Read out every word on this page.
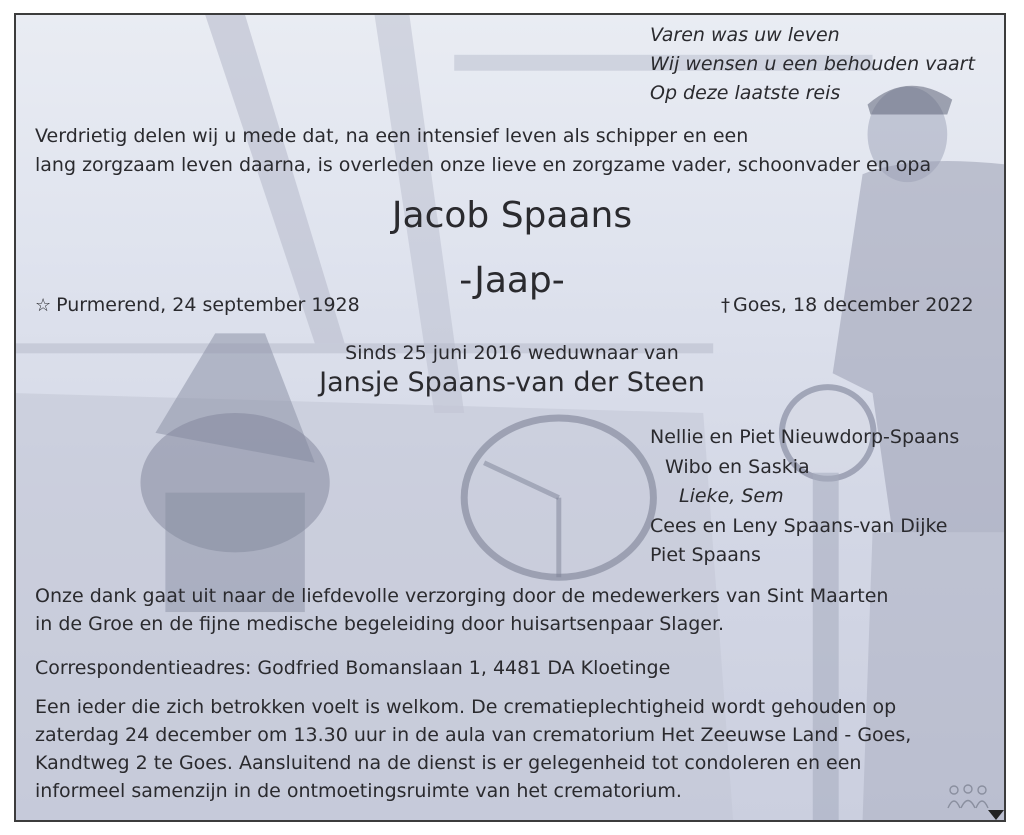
Varen was uw leven
Wij wensen u een behouden vaart
Op deze laatste reis
Verdrietig delen wij u mede dat, na een intensief leven als schipper en een
lang zorgzaam leven daarna, is overleden onze lieve en zorgzame vader, schoonvader en opa
Jacob Spaans
-Jaap-
☆ Purmerend, 24 september 1928	† Goes, 18 december 2022
Sinds 25 juni 2016 weduwnaar van
Jansje Spaans-van der Steen
Nellie en Piet Nieuwdorp-Spaans
Wibo en Saskia
Lieke, Sem
Cees en Leny Spaans-van Dijke
Piet Spaans
Onze dank gaat uit naar de liefdevolle verzorging door de medewerkers van Sint Maarten
in de Groe en de fijne medische begeleiding door huisartsenpaar Slager.
Correspondentieadres: Godfried Bomanslaan 1, 4481 DA Kloetinge
Een ieder die zich betrokken voelt is welkom. De crematieplechtigheid wordt gehouden op
zaterdag 24 december om 13.30 uur in de aula van crematorium Het Zeeuwse Land - Goes,
Kandtweg 2 te Goes. Aansluitend na de dienst is er gelegenheid tot condoleren en een
informeel samenzijn in de ontmoetingsruimte van het crematorium.
